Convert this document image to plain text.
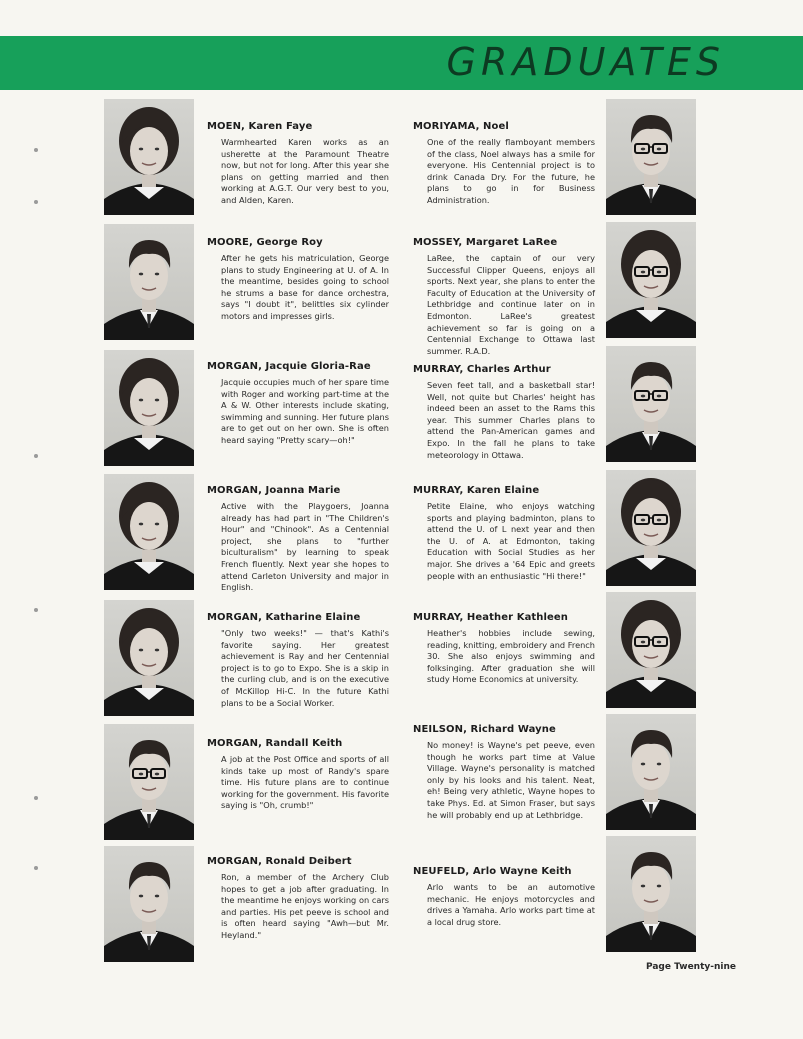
GRADUATES
MOEN, Karen Faye
Warmhearted Karen works as an usherette at the Paramount Theatre now, but not for long. After this year she plans on getting married and then working at A.G.T. Our very best to you, and Alden, Karen.
MOORE, George Roy
After he gets his matriculation, George plans to study Engineering at U. of A. In the meantime, besides going to school he strums a base for dance orchestra, says "I doubt it", belittles six cylinder motors and impresses girls.
MORGAN, Jacquie Gloria-Rae
Jacquie occupies much of her spare time with Roger and working part-time at the A & W. Other interests include skating, swimming and sunning. Her future plans are to get out on her own. She is often heard saying "Pretty scary—oh!"
MORGAN, Joanna Marie
Active with the Playgoers, Joanna already has had part in "The Children's Hour" and "Chinook". As a Centennial project, she plans to "further biculturalism" by learning to speak French fluently. Next year she hopes to attend Carleton University and major in English.
MORGAN, Katharine Elaine
"Only two weeks!" — that's Kathi's favorite saying. Her greatest achievement is Ray and her Centennial project is to go to Expo. She is a skip in the curling club, and is on the executive of McKillop Hi-C. In the future Kathi plans to be a Social Worker.
MORGAN, Randall Keith
A job at the Post Office and sports of all kinds take up most of Randy's spare time. His future plans are to continue working for the government. His favorite saying is "Oh, crumb!"
MORGAN, Ronald Deibert
Ron, a member of the Archery Club hopes to get a job after graduating. In the meantime he enjoys working on cars and parties. His pet peeve is school and is often heard saying "Awh—but Mr. Heyland."
MORIYAMA, Noel
One of the really flamboyant members of the class, Noel always has a smile for everyone. His Centennial project is to drink Canada Dry. For the future, he plans to go in for Business Administration.
MOSSEY, Margaret LaRee
LaRee, the captain of our very Successful Clipper Queens, enjoys all sports. Next year, she plans to enter the Faculty of Education at the University of Lethbridge and continue later on in Edmonton. LaRee's greatest achievement so far is going on a Centennial Exchange to Ottawa last summer. R.A.D.
MURRAY, Charles Arthur
Seven feet tall, and a basketball star! Well, not quite but Charles' height has indeed been an asset to the Rams this year. This summer Charles plans to attend the Pan-American games and Expo. In the fall he plans to take meteorology in Ottawa.
MURRAY, Karen Elaine
Petite Elaine, who enjoys watching sports and playing badminton, plans to attend the U. of L next year and then the U. of A. at Edmonton, taking Education with Social Studies as her major. She drives a '64 Epic and greets people with an enthusiastic "Hi there!"
MURRAY, Heather Kathleen
Heather's hobbies include sewing, reading, knitting, embroidery and French 30. She also enjoys swimming and folksinging. After graduation she will study Home Economics at university.
NEILSON, Richard Wayne
No money! is Wayne's pet peeve, even though he works part time at Value Village. Wayne's personality is matched only by his looks and his talent. Neat, eh! Being very athletic, Wayne hopes to take Phys. Ed. at Simon Fraser, but says he will probably end up at Lethbridge.
NEUFELD, Arlo Wayne Keith
Arlo wants to be an automotive mechanic. He enjoys motorcycles and drives a Yamaha. Arlo works part time at a local drug store.
Page Twenty-nine
